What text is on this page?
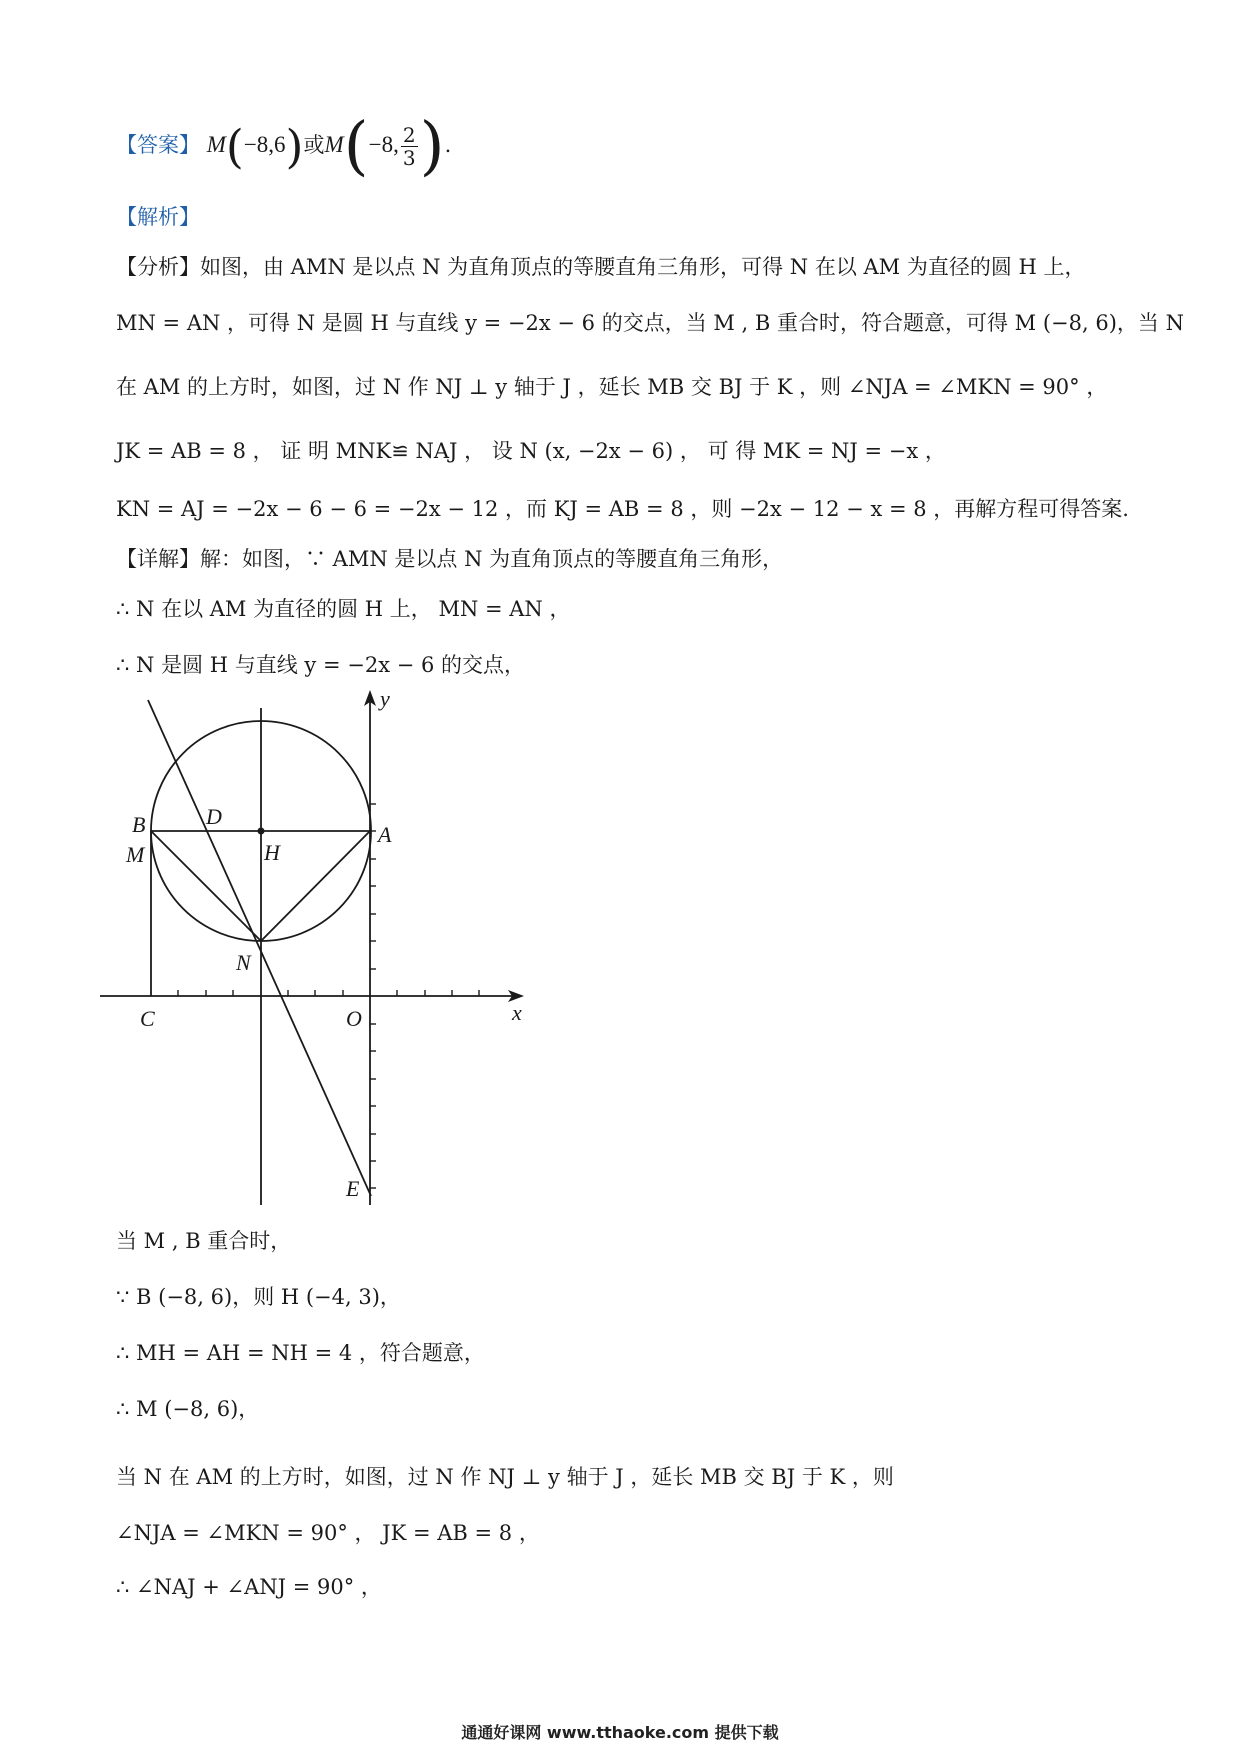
【答案】 M(−8,6)或M(−8, $\frac{2}{3}$ ).
【解析】
【分析】如图，由 AMN 是以点 N 为直角顶点的等腰直角三角形，可得 N 在以 AM 为直径的圆 H 上，
MN = AN ，可得 N 是圆 H 与直线 y = −2x − 6 的交点，当 M , B 重合时，符合题意，可得 M (−8, 6)，当 N
在 AM 的上方时，如图，过 N 作 NJ ⊥ y 轴于 J ，延长 MB 交 BJ 于 K ，则 ∠NJA = ∠MKN = 90° ，
JK = AB = 8 ， 证 明 MNK≌ NAJ ， 设 N (x, −2x − 6) ， 可 得 MK = NJ = −x ，
KN = AJ = −2x − 6 − 6 = −2x − 12 ，而 KJ = AB = 8 ，则 −2x − 12 − x = 8 ，再解方程可得答案.
【详解】解：如图，∵ AMN 是以点 N 为直角顶点的等腰直角三角形，
∴ N 在以 AM 为直径的圆 H 上， MN = AN ，
∴ N 是圆 H 与直线 y = −2x − 6 的交点，
y
x
B
M
D
H
A
N
C	O
E
当 M , B 重合时，
∵ B (−8, 6)，则 H (−4, 3)，
∴ MH = AH = NH = 4 ，符合题意，
∴ M (−8, 6)，
当 N 在 AM 的上方时，如图，过 N 作 NJ ⊥ y 轴于 J ，延长 MB 交 BJ 于 K ，则
∠NJA = ∠MKN = 90° ， JK = AB = 8 ，
∴ ∠NAJ + ∠ANJ = 90° ，
通通好课网 www.tthaoke.com 提供下载
